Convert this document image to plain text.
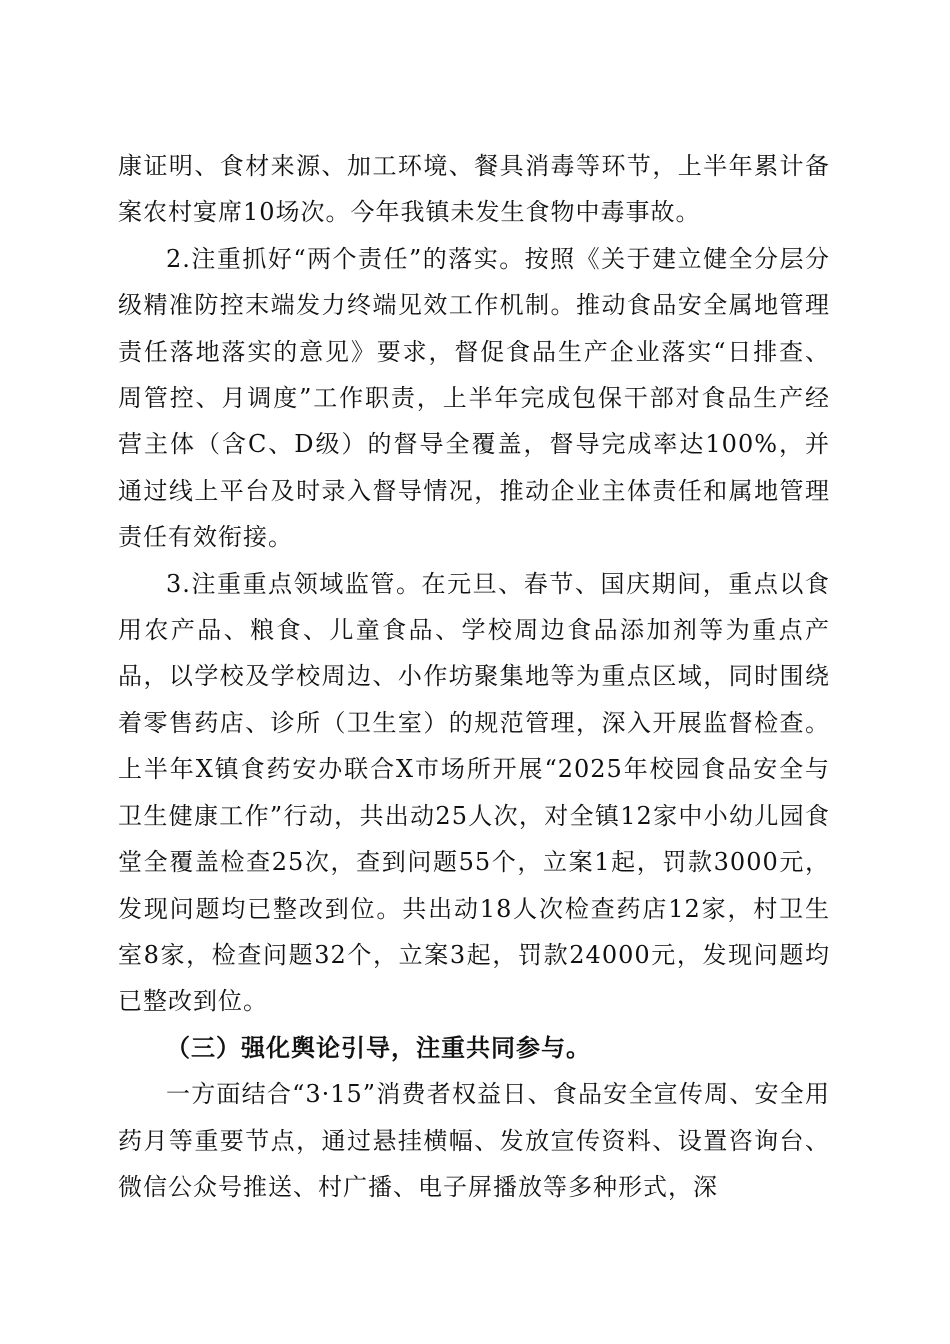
康证明、食材来源、加工环境、餐具消毒等环节，上半年累计备案农村宴席10场次。今年我镇未发生食物中毒事故。

2.注重抓好“两个责任”的落实。按照《关于建立健全分层分级精准防控末端发力终端见效工作机制。推动食品安全属地管理责任落地落实的意见》要求，督促食品生产企业落实“日排查、周管控、月调度”工作职责，上半年完成包保干部对食品生产经营主体（含C、D级）的督导全覆盖，督导完成率达100%，并通过线上平台及时录入督导情况，推动企业主体责任和属地管理责任有效衔接。

3.注重重点领域监管。在元旦、春节、国庆期间，重点以食用农产品、粮食、儿童食品、学校周边食品添加剂等为重点产品，以学校及学校周边、小作坊聚集地等为重点区域，同时围绕着零售药店、诊所（卫生室）的规范管理，深入开展监督检查。上半年X镇食药安办联合X市场所开展“2025年校园食品安全与卫生健康工作”行动，共出动25人次，对全镇12家中小幼儿园食堂全覆盖检查25次，查到问题55个，立案1起，罚款3000元，发现问题均已整改到位。共出动18人次检查药店12家，村卫生室8家，检查问题32个，立案3起，罚款24000元，发现问题均已整改到位。

（三）强化舆论引导，注重共同参与。

一方面结合“3·15”消费者权益日、食品安全宣传周、安全用药月等重要节点，通过悬挂横幅、发放宣传资料、设置咨询台、微信公众号推送、村广播、电子屏播放等多种形式，深
